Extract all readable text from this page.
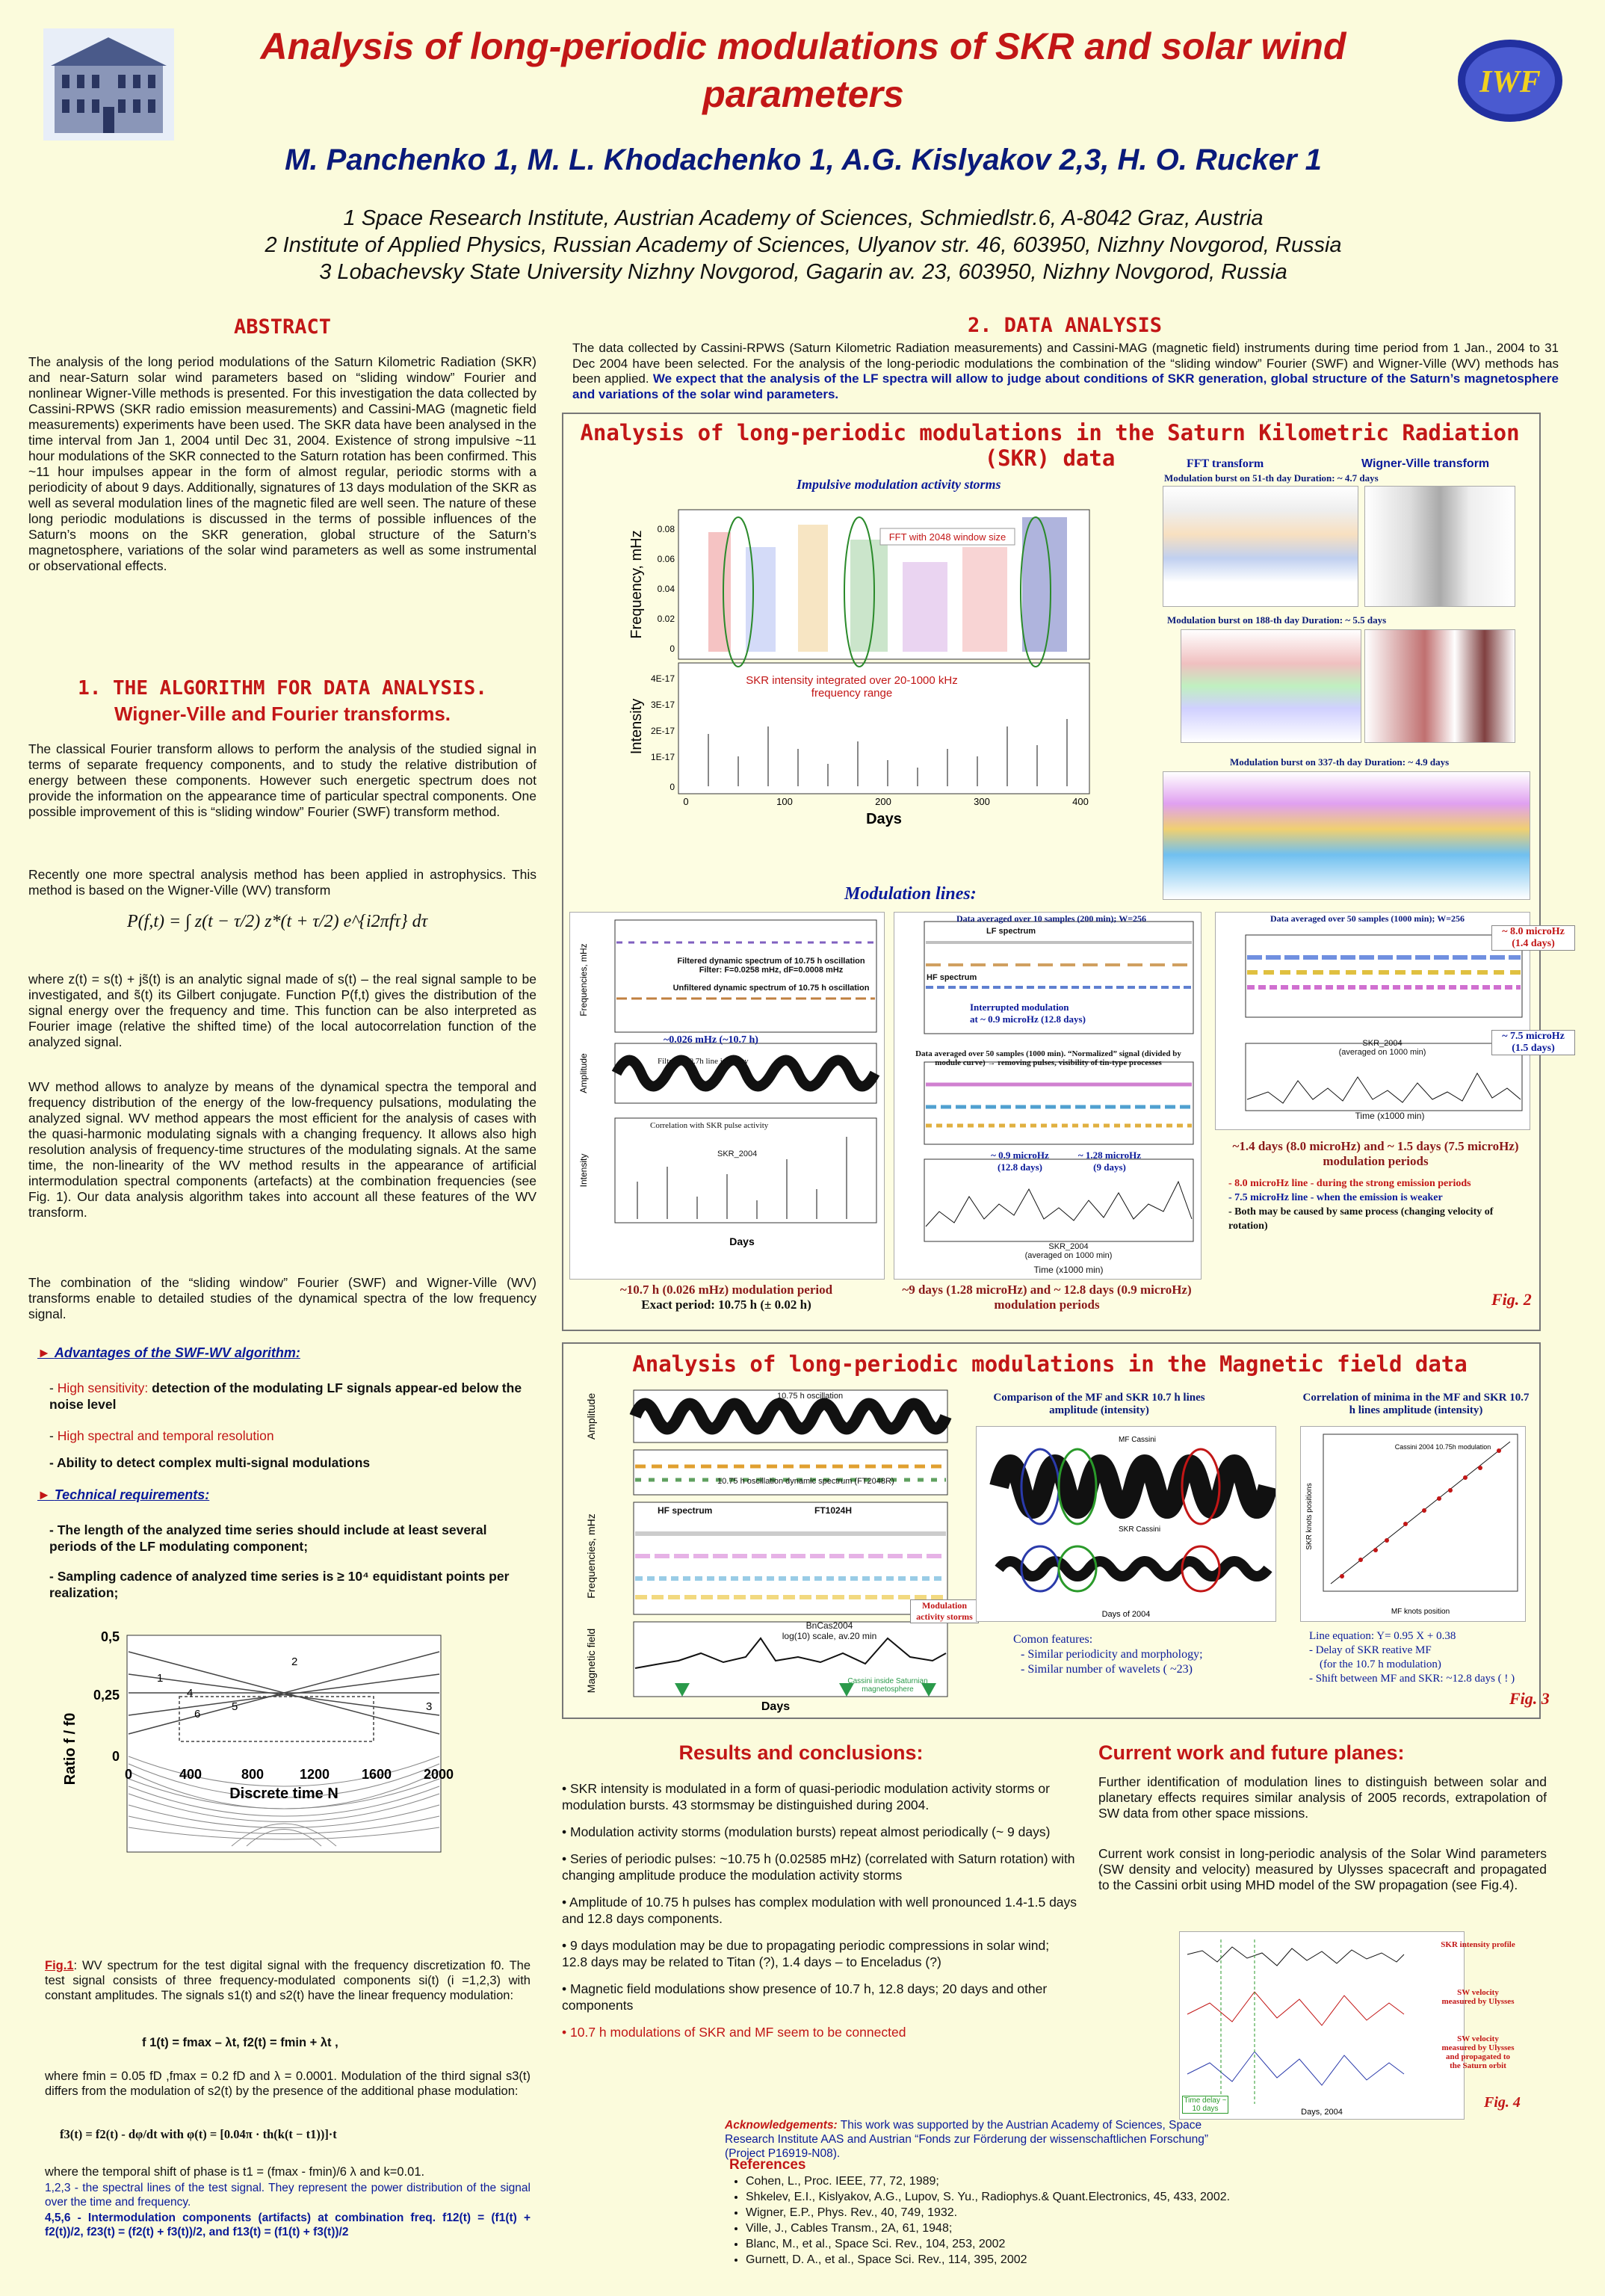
IWF
Analysis of long-periodic modulations of SKR and solar wind parameters
M. Panchenko 1, M. L. Khodachenko 1, A.G. Kislyakov 2,3, H. O. Rucker 1
1 Space Research Institute, Austrian Academy of Sciences, Schmiedlstr.6, A-8042 Graz, Austria
2 Institute of Applied Physics, Russian Academy of Sciences, Ulyanov str. 46, 603950, Nizhny Novgorod, Russia
3 Lobachevsky State University Nizhny Novgorod, Gagarin av. 23, 603950, Nizhny Novgorod, Russia
ABSTRACT
The analysis of the long period modulations of the Saturn Kilometric Radiation (SKR) and near-Saturn solar wind parameters based on “sliding window” Fourier and nonlinear Wigner-Ville methods is presented. For this investigation the data collected by Cassini-RPWS (SKR radio emission measurements) and Cassini-MAG (magnetic field measurements) experiments have been used. The SKR data have been analysed in the time interval from Jan 1, 2004 until Dec 31, 2004. Existence of strong impulsive ~11 hour modulations of the SKR connected to the Saturn rotation has been confirmed. This ~11 hour impulses appear in the form of almost regular, periodic storms with a periodicity of about 9 days. Additionally, signatures of 13 days modulation of the SKR as well as several modulation lines of the magnetic filed are well seen. The nature of these long periodic modulations is discussed in the terms of possible influences of the Saturn’s moons on the SKR generation, global structure of the Saturn’s magnetosphere, variations of the solar wind parameters as well as some instrumental or observational effects.
1. THE ALGORITHM FOR DATA ANALYSIS.
Wigner-Ville and Fourier transforms.
The classical Fourier transform allows to perform the analysis of the studied signal in terms of separate frequency components, and to study the relative distribution of energy between these components. However such energetic spectrum does not provide the information on the appearance time of particular spectral components. One possible improvement of this is “sliding window” Fourier (SWF) transform method.
Recently one more spectral analysis method has been applied in astrophysics. This method is based on the Wigner-Ville (WV) transform
P(f,t) = ∫ z(t − τ/2) z*(t + τ/2) e^{i2πfτ} dτ
where z(t) = s(t) + js̃(t) is an analytic signal made of s(t) – the real signal sample to be investigated, and s̃(t) its Gilbert conjugate. Function P(f,t) gives the distribution of the signal energy over the frequency and time. This function can be also interpreted as Fourier image (relative the shifted time) of the local autocorrelation function of the analyzed signal.
WV method allows to analyze by means of the dynamical spectra the temporal and frequency distribution of the energy of the low-frequency pulsations, modulating the analyzed signal. WV method appears the most efficient for the analysis of cases with the quasi-harmonic modulating signals with a changing frequency. It allows also high resolution analysis of frequency-time structures of the modulating signals. At the same time, the non-linearity of the WV method results in the appearance of artificial intermodulation spectral components (artefacts) at the combination frequencies (see Fig. 1). Our data analysis algorithm takes into account all these features of the WV transform.
The combination of the “sliding window” Fourier (SWF) and Wigner-Ville (WV) transforms enable to detailed studies of the dynamical spectra of the low frequency signal.
► Advantages of the SWF-WV algorithm:
- High sensitivity: detection of the modulating LF signals appear-ed below the noise level
- High spectral and temporal resolution
- Ability to detect complex multi-signal modulations
► Technical requirements:
- The length of the analyzed time series should include at least several periods of the LF modulating component;
- Sampling cadence of analyzed time series is ≥ 10⁴ equidistant points per realization;
Ratio f / f0
0,5
0,25
0
1
2
3
4
5
6
0	400	800	1200 1600 2000
Discrete time N
Fig.1: WV spectrum for the test digital signal with the frequency discretization f0. The test signal consists of three frequency-modulated components si(t) (i =1,2,3) with constant amplitudes. The signals s1(t) and s2(t) have the linear frequency modulation:
f 1(t) = fmax – λt, f2(t) = fmin + λt ,
where fmin = 0.05 fD ,fmax = 0.2 fD and λ = 0.0001. Modulation of the third signal s3(t) differs from the modulation of s2(t) by the presence of the additional phase modulation:
f3(t) = f2(t) - dφ/dt with φ(t) = [0.04π · th(k(t − t1))]·t
where the temporal shift of phase is t1 = (fmax - fmin)/6 λ and k=0.01.
1,2,3 - the spectral lines of the test signal. They represent the power distribution of the signal over the time and frequency.
4,5,6 - Intermodulation components (artifacts) at combination freq. f12(t) = (f1(t) + f2(t))/2, f23(t) = (f2(t) + f3(t))/2, and f13(t) = (f1(t) + f3(t))/2
2. DATA ANALYSIS
The data collected by Cassini-RPWS (Saturn Kilometric Radiation measurements) and Cassini-MAG (magnetic field) instruments during time period from 1 Jan., 2004 to 31 Dec 2004 have been selected. For the analysis of the long-periodic modulations the combination of the “sliding window” Fourier (SWF) and Wigner-Ville (WV) methods has been applied. We expect that the analysis of the LF spectra will allow to judge about conditions of SKR generation, global structure of the Saturn’s magnetosphere and variations of the solar wind parameters.
Analysis of long-periodic modulations in the Saturn Kilometric Radiation (SKR) data
Impulsive modulation activity storms
Frequency, mHz
Intensity
0.08
0.06
0.04
0.02
0
4E-17
3E-17
2E-17
1E-17
0
0	100	200	300	400
Days
FFT with 2048 window size
SKR intensity integrated over 20-1000 kHz frequency range
FFT transform	Wigner-Ville transform
Modulation burst on 51-th day Duration: ~ 4.7 days
Modulation burst on 188-th day Duration: ~ 5.5 days
Modulation burst on 337-th day Duration: ~ 4.9 days
Modulation lines:
Frequencies, mHz
Amplitude
Intensity
Days
Filtered dynamic spectrum of 10.75 h oscillation
Filter: F=0.0258 mHz, dF=0.0008 mHz
Unfiltered dynamic spectrum of 10.75 h oscillation
~0.026 mHz (~10.7 h)
Filtered 10.7h line intensity
Correlation with SKR pulse activity
SKR_2004
~10.7 h (0.026 mHz) modulation period
Exact period: 10.75 h (± 0.02 h)
Data averaged over 10 samples (200 min); W=256
LF spectrum
HF spectrum
Interrupted modulation
at ~ 0.9 microHz (12.8 days)
Data averaged over 50 samples (1000 min). “Normalized” signal (divided by module curve) → removing pulses, visibility of tin-type processes
~ 0.9 microHz
(12.8 days)
~ 1.28 microHz
(9 days)
SKR_2004
(averaged on 1000 min)
Time (x1000 min)
~9 days (1.28 microHz) and ~ 12.8 days (0.9 microHz) modulation periods
Data averaged over 50 samples (1000 min); W=256
~ 8.0 microHz
(1.4 days)
~ 7.5 microHz
(1.5 days)
SKR_2004
(averaged on 1000 min)
Time (x1000 min)
~1.4 days (8.0 microHz) and ~ 1.5 days (7.5 microHz) modulation periods
- 8.0 microHz line - during the strong emission periods
- 7.5 microHz line - when the emission is weaker
- Both may be caused by same process (changing velocity of rotation)
Fig. 2
Analysis of long-periodic modulations in the Magnetic field data
Amplitude
Frequencies, mHz
Magnetic field
Days
10.75 h oscillation
10.75 h oscillation dynamic spectrum (FT2048R)
HF spectrum	FT1024H
BnCas2004
log(10) scale, av.20 min
Modulation activity storms
Cassini inside Saturnian magnetosphere
Comparison of the MF and SKR 10.7 h lines amplitude (intensity)
MF Cassini
SKR Cassini
Days of 2004
Comon features:
- Similar periodicity and morphology;
- Similar number of wavelets ( ~23)
Correlation of minima in the MF and SKR 10.7 h lines amplitude (intensity)
Cassini 2004 10.75h modulation
MF knots position
SKR knots positions
Line equation: Y= 0.95 X + 0.38
- Delay of SKR reative MF
(for the 10.7 h modulation)
- Shift between MF and SKR: ~12.8 days ( ! )
Fig. 3
Results and conclusions:
• SKR intensity is modulated in a form of quasi-periodic modulation activity storms or modulation bursts. 43 stormsmay be distinguished during 2004.
• Modulation activity storms (modulation bursts) repeat almost periodically (~ 9 days)
• Series of periodic pulses: ~10.75 h (0.02585 mHz) (correlated with Saturn rotation) with changing amplitude produce the modulation activity storms
• Amplitude of 10.75 h pulses has complex modulation with well pronounced 1.4-1.5 days and 12.8 days components.
• 9 days modulation may be due to propagating periodic compressions in solar wind; 12.8 days may be related to Titan (?), 1.4 days – to Enceladus (?)
• Magnetic field modulations show presence of 10.7 h, 12.8 days; 20 days and other components
• 10.7 h modulations of SKR and MF seem to be connected
Current work and future planes:
Further identification of modulation lines to distinguish between solar and planetary effects requires similar analysis of 2005 records, extrapolation of SW data from other space missions.
Current work consist in long-periodic analysis of the Solar Wind parameters (SW density and velocity) measured by Ulysses spacecraft and propagated to the Cassini orbit using MHD model of the SW propagation (see Fig.4).
Days, 2004
SKR intensity profile
SW velocity measured by Ulysses
SW velocity measured by Ulysses and propagated to the Saturn orbit
Time delay ~ 10 days	Fig. 4
Acknowledgements: This work was supported by the Austrian Academy of Sciences, Space Research Institute AAS and Austrian “Fonds zur Förderung der wissenschaftlichen Forschung” (Project P16919-N08).
References
• Cohen, L., Proc. IEEE, 77, 72, 1989;
• Shkelev, E.I., Kislyakov, A.G., Lupov, S. Yu., Radiophys.& Quant.Electronics, 45, 433, 2002.
• Wigner, E.P., Phys. Rev., 40, 749, 1932.
• Ville, J., Cables Transm., 2A, 61, 1948;
• Blanc, M., et al., Space Sci. Rev., 104, 253, 2002
• Gurnett, D. A., et al., Space Sci. Rev., 114, 395, 2002
